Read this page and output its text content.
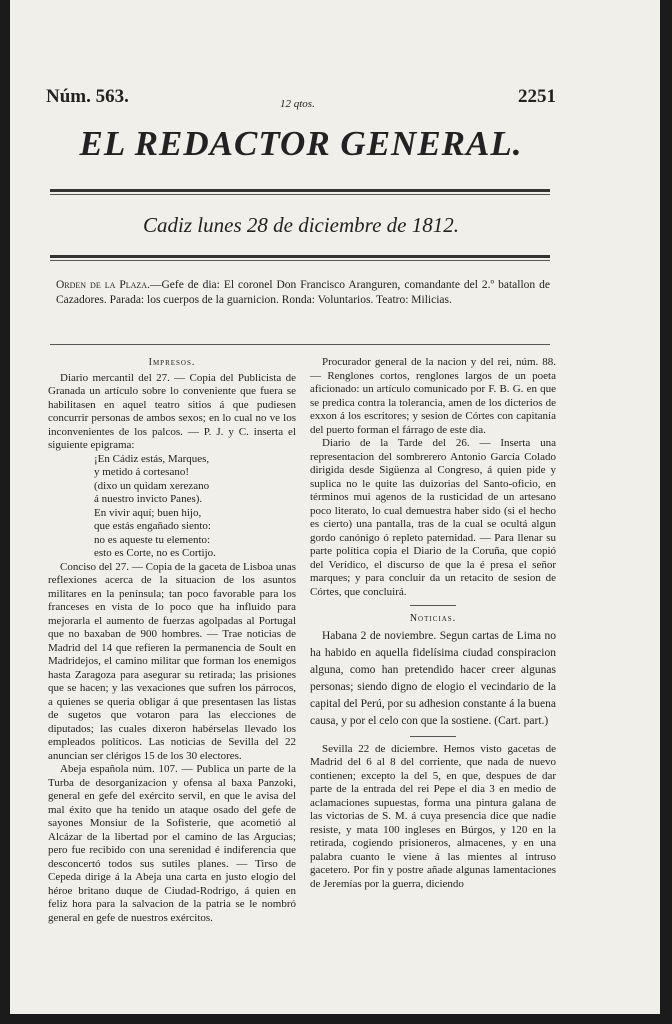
Núm. 563.	12 qtos.	2251
EL REDACTOR GENERAL.
Cadiz lunes 28 de diciembre de 1812.
Orden de la Plaza.—Gefe de dia: El coronel Don Francisco Aranguren, comandante del 2.º batallon de Cazadores. Parada: los cuerpos de la guarnicion. Ronda: Voluntarios. Teatro: Milicias.
Impresos.

Diario mercantil del 27. — Copia del Publicista de Granada un artículo sobre lo conveniente que fuera se habilitasen en aquel teatro sitios á que pudiesen concurrir personas de ambos sexos; en lo cual no ve los inconvenientes de los palcos. — P. J. y C. inserta el siguiente epigrama:

¡En Cádiz estás, Marques,
y metido á cortesano!
(dixo un quidam xerezano
á nuestro invicto Panes).
En vivir aquí; buen hijo,
que estás engañado siento:
no es aqueste tu elemento:
esto es Corte, no es Cortijo.

Conciso del 27. — Copia de la gaceta de Lisboa unas reflexiones acerca de la situacion de los asuntos militares en la península; tan poco favorable para los franceses en vista de lo poco que ha influido para mejorarla el aumento de fuerzas agolpadas al Portugal que no baxaban de 900 hombres. — Trae noticias de Madrid del 14 que refieren la permanencia de Soult en Madridejos, el camino militar que forman los enemigos hasta Zaragoza para asegurar su retirada; las prisiones que se hacen; y las vexaciones que sufren los párrocos, a quienes se queria obligar á que presentasen las listas de sugetos que votaron para las elecciones de diputados; las cuales dixeron habérselas llevado los empleados políticos. Las noticias de Sevilla del 22 anuncian ser clérigos 15 de los 30 electores.

Abeja española núm. 107. — Publica un parte de la Turba de desorganizacion y ofensa al baxa Panzoki, general en gefe del exército servil, en que le avisa del mal éxito que ha tenido un ataque osado del gefe de sayones Monsiur de la Sofisterie, que acometió al Alcázar de la libertad por el camino de las Argucias; pero fue recibido con una serenidad é indiferencia que desconcertó todos sus sutiles planes. — Tirso de Cepeda dirige á la Abeja una carta en justo elogio del héroe britano duque de Ciudad-Rodrigo, á quien en feliz hora para la salvacion de la patria se le nombró general en gefe de nuestros exércitos.

Procurador general de la nacion y del rei, núm. 88. — Renglones cortos, renglones largos de un poeta aficionado: un artículo comunicado por F. B. G. en que se predica contra la tolerancia, amen de los dicterios de exxon á los escritores; y sesion de Córtes con capitanía del puerto forman el fárrago de este dia.

Diario de la Tarde del 26. — Inserta una representacion del sombrerero Antonio García Colado dirigida desde Sigüenza al Congreso, á quien pide y suplica no le quite las duizorias del Santo-oficio, en términos mui agenos de la rusticidad de un artesano poco literato, lo cual demuestra haber sido (si el hecho es cierto) una pantalla, tras de la cual se ocultá algun gordo canónigo ó repleto paternidad. — Para llenar su parte política copia el Diario de la Coruña, que copió del Verídico, el discurso de que la é presa el señor marques; y para concluir da un retacito de sesion de Córtes, que concluirá.

Noticias.

Habana 2 de noviembre. Segun cartas de Lima no ha habido en aquella fidelísima ciudad conspiracion alguna, como han pretendido hacer creer algunas personas; siendo digno de elogio el vecindario de la capital del Perú, por su adhesion constante á la buena causa, y por el celo con que la sostiene. (Cart. part.)

Sevilla 22 de diciembre. Hemos visto gacetas de Madrid del 6 al 8 del corriente, que nada de nuevo contienen; excepto la del 5, en que, despues de dar parte de la entrada del rei Pepe el dia 3 en medio de aclamaciones supuestas, forma una pintura galana de las victorias de S. M. á cuya presencia dice que nadie resiste, y mata 100 ingleses en Búrgos, y 120 en la retirada, cogiendo prisioneros, almacenes, y en una palabra cuanto le viene á las mientes al intruso gacetero. Por fin y postre añade algunas lamentaciones de Jeremías por la guerra, diciendo
